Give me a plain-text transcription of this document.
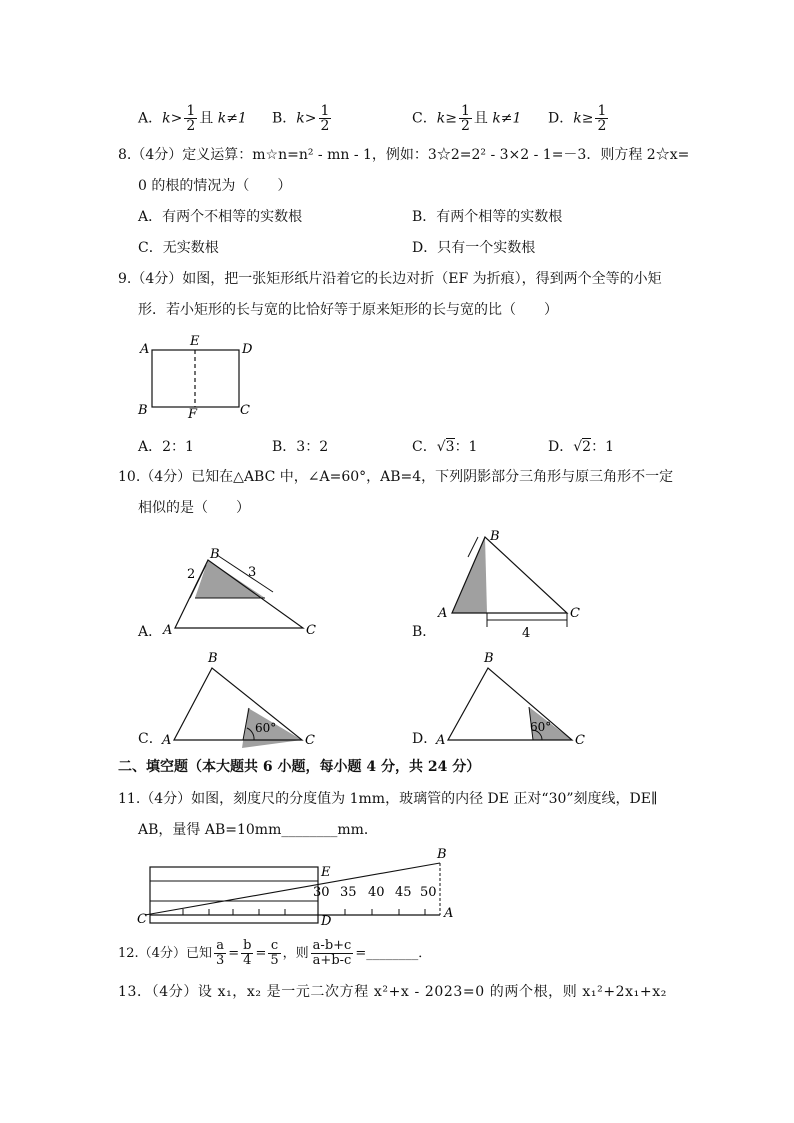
A．$k> \frac{1}{2}$ 且 k≠1 B．$k> \frac{1}{2}$	C．$k\ge \frac{1}{2}$ 且 k≠1 D．$k\ge \frac{1}{2}$
8.（4分）定义运算：m☆n=n² - mn - 1，例如：3☆2=2² - 3×2 - 1=－3．则方程 2☆x=
0 的根的情况为（　　）
A．有两个不相等的实数根	B．有两个相等的实数根
C．无实数根	D．只有一个实数根
9.（4分）如图，把一张矩形纸片沿着它的长边对折（EF 为折痕），得到两个全等的小矩
形．若小矩形的长与宽的比恰好等于原来矩形的长与宽的比（　　）
A
E
D
B	F	C
A．2：1	B．3：2	C．√3：1	D．√2：1
10.（4分）已知在△ABC 中，∠A=60°，AB=4，下列阴影部分三角形与原三角形不一定
相似的是（　　）
A．
B
A	C
2	3
B．
B
A	C
4
C．
B
A	C
60°
D．
B
A	C
60°
二、填空题（本大题共 6 小题，每小题 4 分，共 24 分）
11.（4分）如图，刻度尺的分度值为 1mm，玻璃管的内径 DE 正对“30”刻度线，DE∥
AB，量得 AB=10mm________mm．
30 35 40 45 50
E
B
C	D
A
12.（4分）已知 $\frac{a}{3} = \frac{b}{4} = \frac{c}{5}$ ，则 $\frac{a-b+c}{a+b-c}$ =________．
13．（4分）设 x₁，x₂ 是一元二次方程 x²+x - 2023=0 的两个根，则 x₁²+2x₁+x₂
